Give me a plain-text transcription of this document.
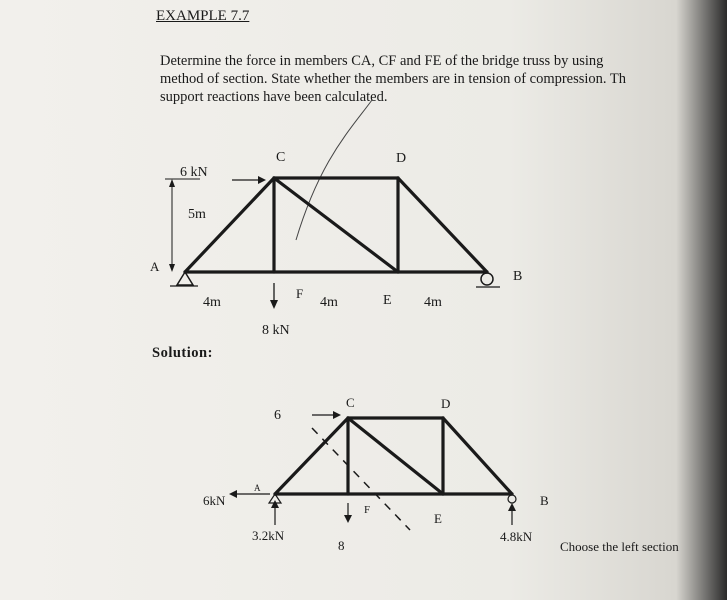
EXAMPLE 7.7
Determine the force in members CA, CF and FE of the bridge truss by using
method of section. State whether the members are in tension of compression. Th
support reactions have been calculated.
6 kN
5m
A
B
C	D
E
F
4m	4m	4m
8 kN
6
A
B
C	D
E
F
6kN
3.2kN
8
4.8kN
Solution:
Choose the left section
